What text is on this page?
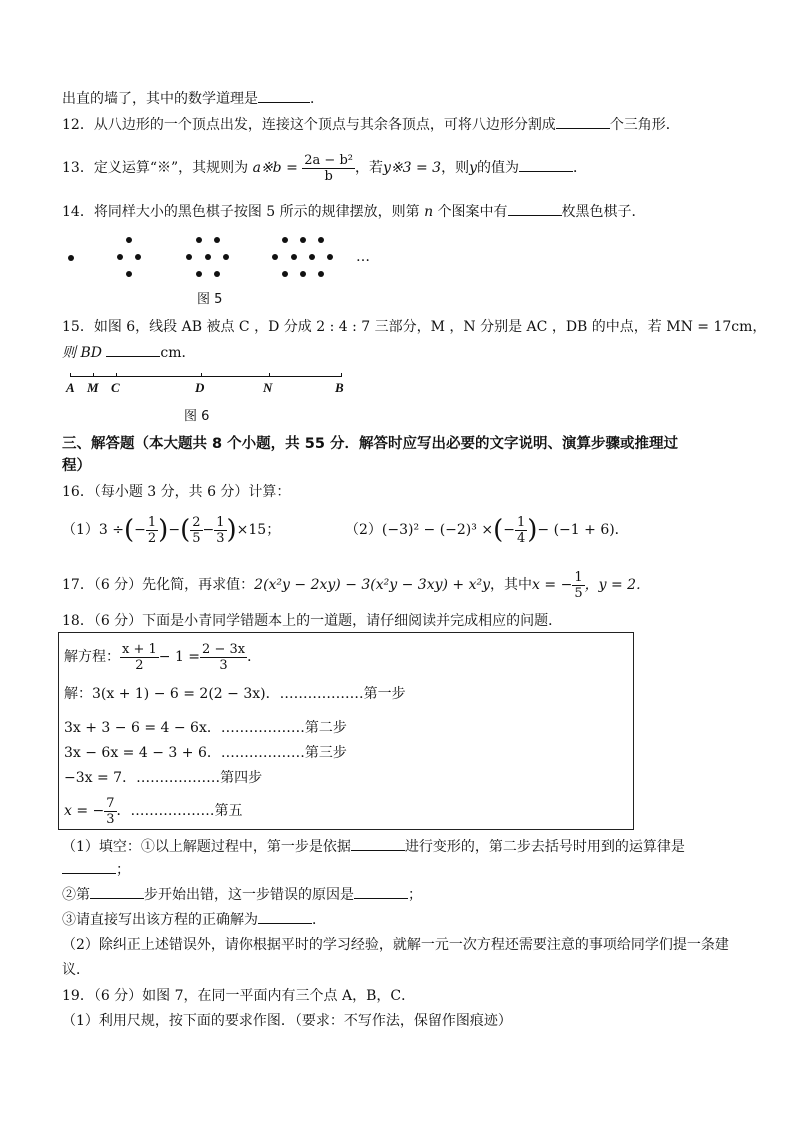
出直的墙了，其中的数学道理是	．
12．从八边形的一个顶点出发，连接这个顶点与其余各顶点，可将八边形分割成	个三角形．
13．定义运算“※”，其规则为 a※b = $\frac{\text{2a − b²}}{b}$ ，若y※3 = 3，则y的值为	．
14．将同样大小的黑色棋子按图 5 所示的规律摆放，则第 n 个图案中有	枚黑色棋子．
…
图 5
15．如图 6，线段 AB 被点 C ，D 分成 2 : 4 : 7 三部分，M ，N 分别是 AC ，DB 的中点，若 MN = 17cm，
则 BD	cm．
A M C	D	N	B
图 6
三、解答题（本大题共 8 个小题，共 55 分．解答时应写出必要的文字说明、演算步骤或推理过
程）
16．（每小题 3 分，共 6 分）计算：
（1）3 ÷(− $\frac{1}{2}$ )−( $\frac{2}{5} - \frac{1}{3} )\times 15$；	（2）(−3)² − (−2)³ ×(− $\frac{1}{4}$ )− (−1 + 6)．
17．（6 分）先化简，再求值：2(x²y − 2xy) − 3(x²y − 3xy) + x²y，其中x = − $\frac{1}{5}$ ，y = 2．
18．（6 分）下面是小青同学错题本上的一道题，请仔细阅读并完成相应的问题．
解方程： $\frac{x + 1}{2} - 1 = \frac{2 - 3x}{3}$ ．
解：3(x + 1) − 6 = 2(2 − 3x)．………………第一步
3x + 3 − 6 = 4 − 6x．………………第二步
3x − 6x = 4 − 3 + 6．………………第三步
−3x = 7．………………第四步
x = − $\frac{7}{3}$ ．………………第五
（1）填空：①以上解题过程中，第一步是依据	进行变形的，第二步去括号时用到的运算律是
；
②第	步开始出错，这一步错误的原因是	；
③请直接写出该方程的正确解为	．
（2）除纠正上述错误外，请你根据平时的学习经验，就解一元一次方程还需要注意的事项给同学们提一条建
议．
19．（6 分）如图 7，在同一平面内有三个点 A，B，C．
（1）利用尺规，按下面的要求作图．（要求：不写作法，保留作图痕迹）
